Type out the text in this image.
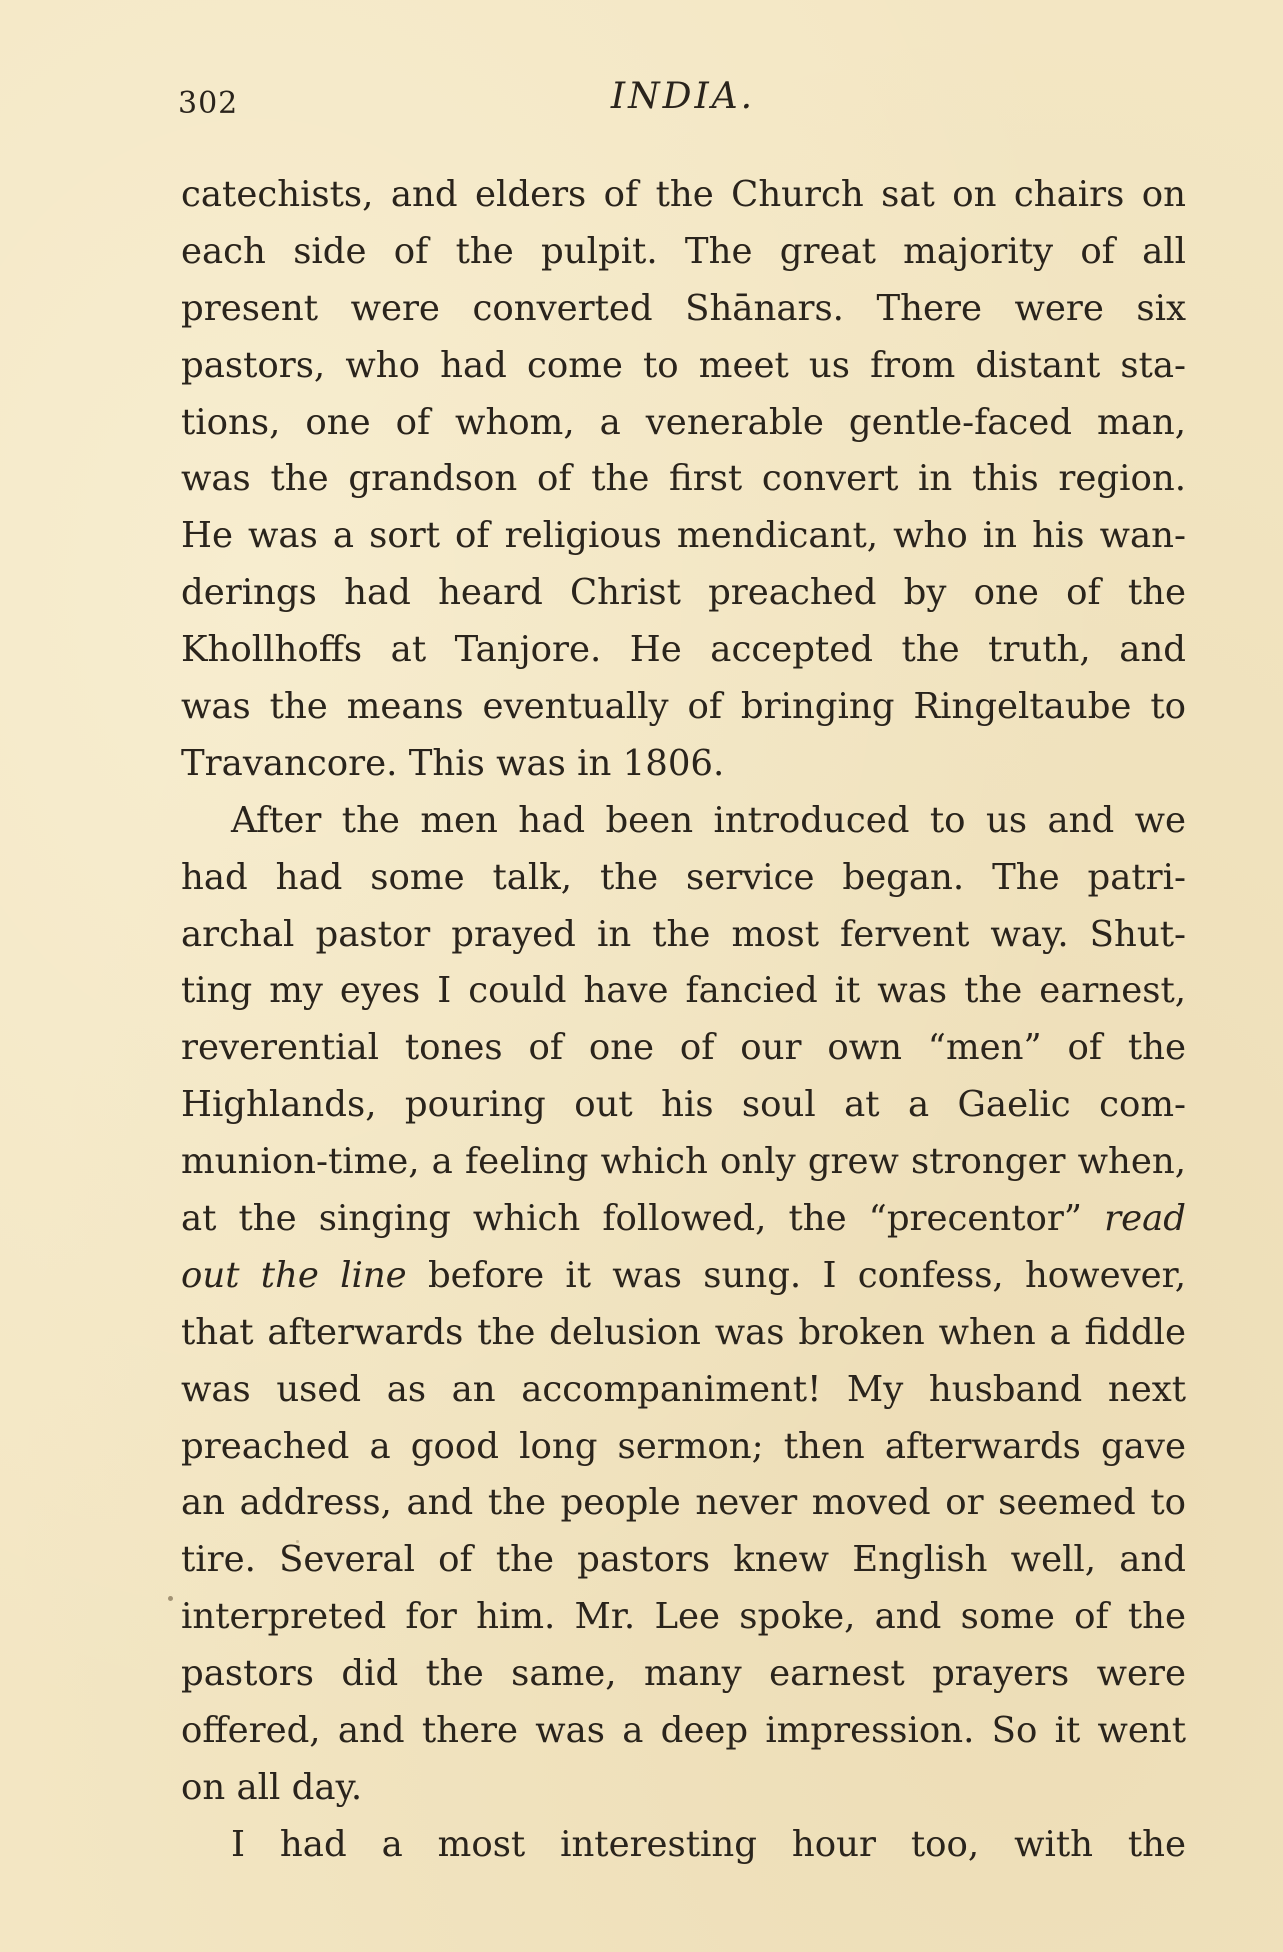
302	INDIA.
catechists, and elders of the Church sat on chairs on
each side of the pulpit. The great majority of all
present were converted Shānars. There were six
pastors, who had come to meet us from distant sta-
tions, one of whom, a venerable gentle-faced man,
was the grandson of the first convert in this region.
He was a sort of religious mendicant, who in his wan-
derings had heard Christ preached by one of the
Khollhoffs at Tanjore. He accepted the truth, and
was the means eventually of bringing Ringeltaube to
Travancore. This was in 1806.
After the men had been introduced to us and we
had had some talk, the service began. The patri-
archal pastor prayed in the most fervent way. Shut-
ting my eyes I could have fancied it was the earnest,
reverential tones of one of our own “men” of the
Highlands, pouring out his soul at a Gaelic com-
munion-time, a feeling which only grew stronger when,
at the singing which followed, the “precentor” read
out the line before it was sung. I confess, however,
that afterwards the delusion was broken when a fiddle
was used as an accompaniment! My husband next
preached a good long sermon; then afterwards gave
an address, and the people never moved or seemed to
tire. Several of the pastors knew English well, and
interpreted for him. Mr. Lee spoke, and some of the
pastors did the same, many earnest prayers were
offered, and there was a deep impression. So it went
on all day.
I had a most interesting hour too, with the
